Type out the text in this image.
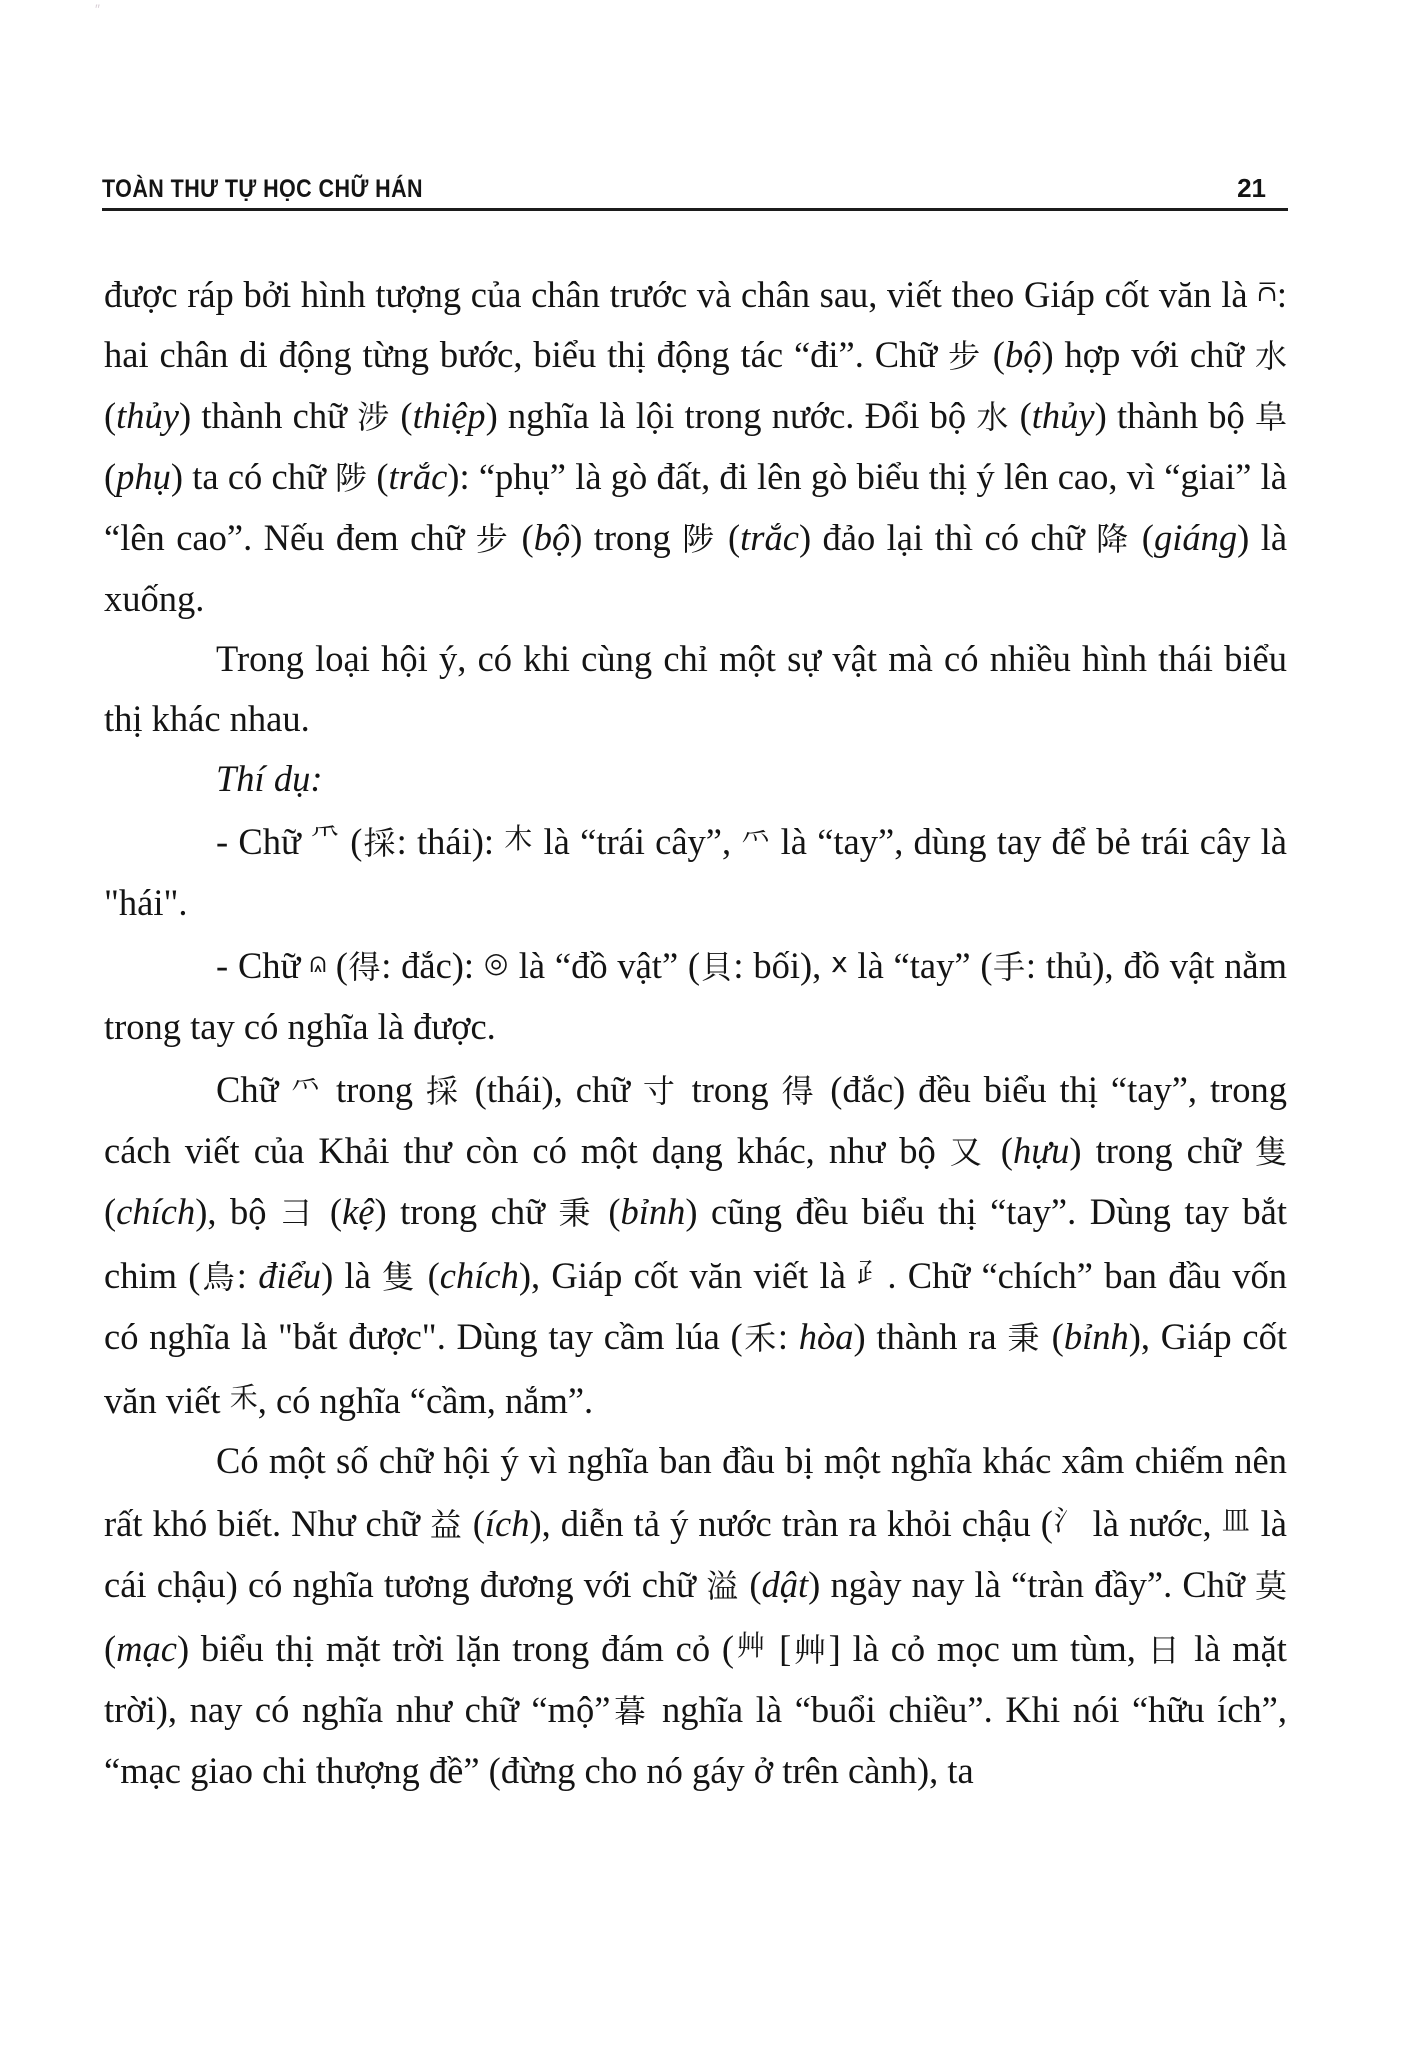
″
TOÀN THƯ TỰ HỌC CHỮ HÁN	21

được ráp bởi hình tượng của chân trước và chân sau, viết theo Giáp cốt văn là ⩃: hai chân di động từng bước, biểu thị động tác “đi”. Chữ 步 (bộ) hợp với chữ 水 (thủy) thành chữ 涉 (thiệp) nghĩa là lội trong nước. Đổi bộ 水 (thủy) thành bộ 阜 (phụ) ta có chữ 陟 (trắc): “phụ” là gò đất, đi lên gò biểu thị ý lên cao, vì “giai” là “lên cao”. Nếu đem chữ 步 (bộ) trong 陟 (trắc) đảo lại thì có chữ 降 (giáng) là xuống.

Trong loại hội ý, có khi cùng chỉ một sự vật mà có nhiều hình thái biểu thị khác nhau.

Thí dụ:

- Chữ ⺥ (採: thái): 木 là “trái cây”, ⺤ là “tay”, dùng tay để bẻ trái cây là "hái".

- Chữ ⩄ (得: đắc): ◎ là “đồ vật” (貝: bối), x là “tay” (手: thủ), đồ vật nằm trong tay có nghĩa là được.

Chữ ⺤ trong 採 (thái), chữ 寸 trong 得 (đắc) đều biểu thị “tay”, trong cách viết của Khải thư còn có một dạng khác, như bộ 又 (hựu) trong chữ 隻 (chích), bộ 彐 (kệ) trong chữ 秉 (bỉnh) cũng đều biểu thị “tay”. Dùng tay bắt chim (鳥: điểu) là 隻 (chích), Giáp cốt văn viết là ⺪. Chữ “chích” ban đầu vốn có nghĩa là "bắt được". Dùng tay cầm lúa (禾: hòa) thành ra 秉 (bỉnh), Giáp cốt văn viết ⽲, có nghĩa “cầm, nắm”.

Có một số chữ hội ý vì nghĩa ban đầu bị một nghĩa khác xâm chiếm nên rất khó biết. Như chữ 益 (ích), diễn tả ý nước tràn ra khỏi chậu (⺡ là nước, 皿 là cái chậu) có nghĩa tương đương với chữ 溢 (dật) ngày nay là “tràn đầy”. Chữ 莫 (mạc) biểu thị mặt trời lặn trong đám cỏ (艸 [艸] là cỏ mọc um tùm, 日 là mặt trời), nay có nghĩa như chữ “mộ”暮 nghĩa là “buổi chiều”. Khi nói “hữu ích”, “mạc giao chi thượng đề” (đừng cho nó gáy ở trên cành), ta
